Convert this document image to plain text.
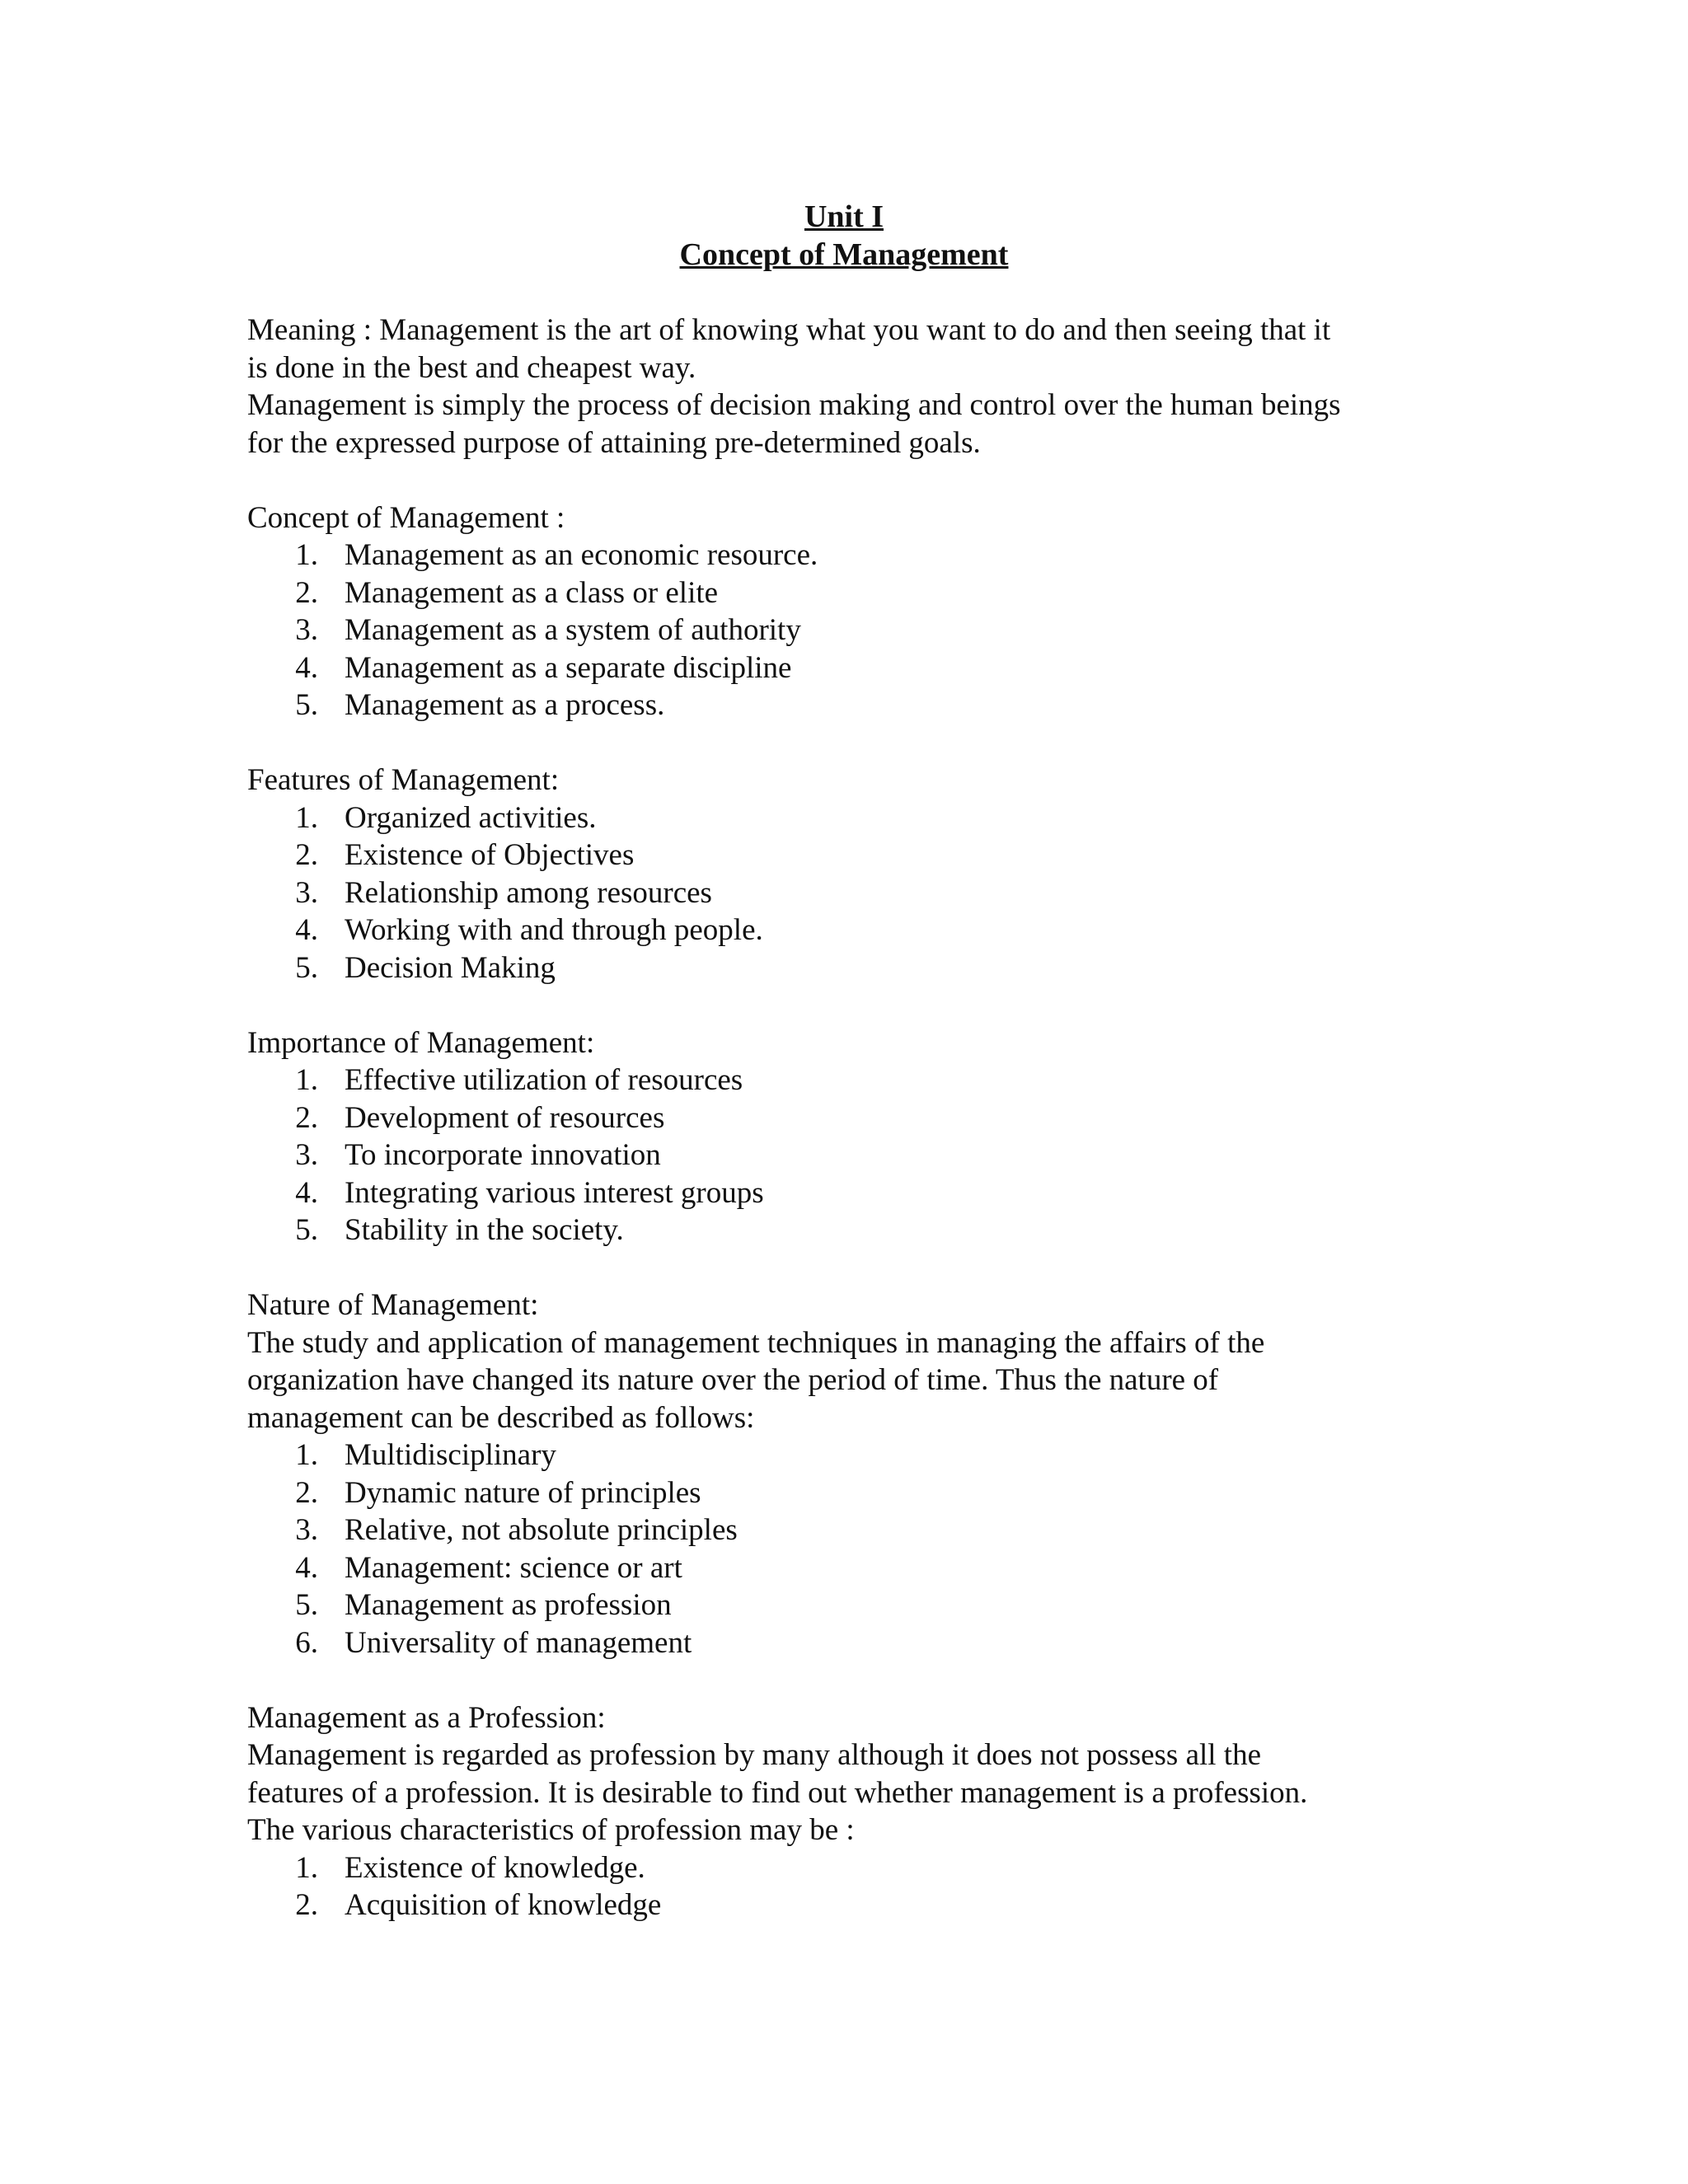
Unit I
Concept of Management

Meaning : Management is the art of knowing what you want to do and then seeing that it

is done in the best and cheapest way.

Management is simply the process of decision making and control over the human beings

for the expressed purpose of attaining pre-determined goals.

Concept of Management :

1. Management as an economic resource.
2. Management as a class or elite
3. Management as a system of authority
4. Management as a separate discipline
5. Management as a process.

Features of Management:

1. Organized activities.
2. Existence of Objectives
3. Relationship among resources
4. Working with and through people.
5. Decision Making

Importance of Management:

1. Effective utilization of resources
2. Development of resources
3. To incorporate innovation
4. Integrating various interest groups
5. Stability in the society.

Nature of Management:

The study and application of management techniques in managing the affairs of the

organization have changed its nature over the period of time. Thus the nature of

management can be described as follows:

1. Multidisciplinary
2. Dynamic nature of principles
3. Relative, not absolute principles
4. Management: science or art
5. Management as profession
6. Universality of management

Management as a Profession:

Management is regarded as profession by many although it does not possess all the

features of a profession. It is desirable to find out whether management is a profession.

The various characteristics of profession may be :

1. Existence of knowledge.
2. Acquisition of knowledge
